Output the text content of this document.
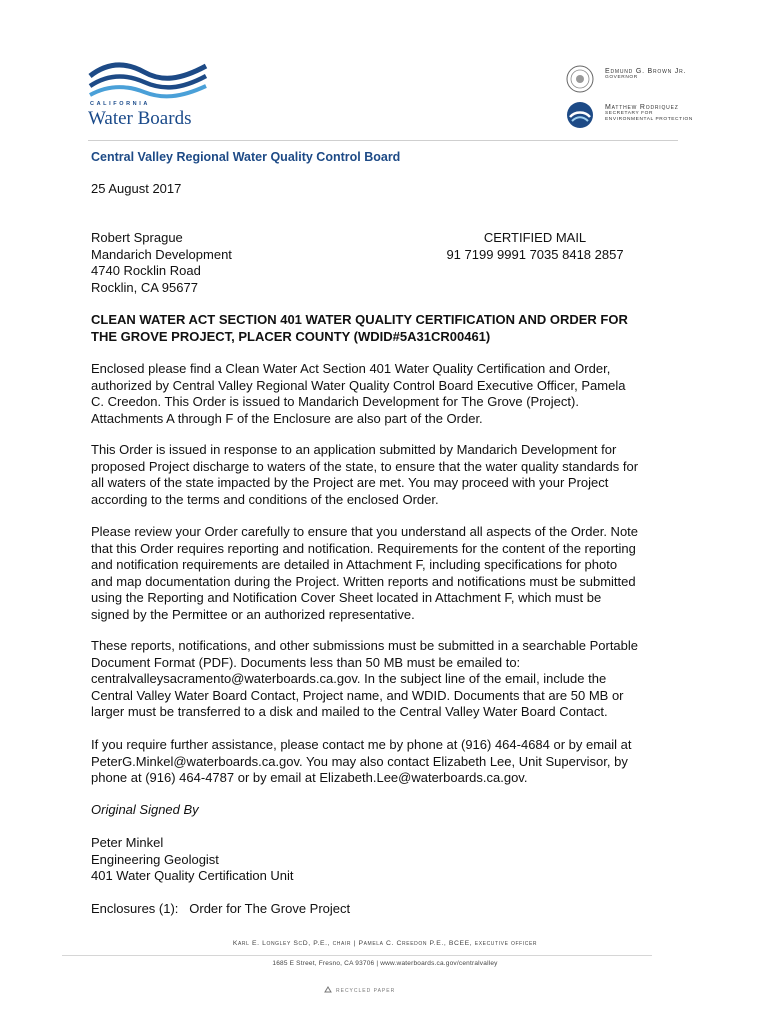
CALIFORNIA
Water Boards
Edmund G. Brown Jr.
GOVERNOR
Matthew Rodriquez
SECRETARY FOR
ENVIRONMENTAL PROTECTION
Central Valley Regional Water Quality Control Board
25 August 2017
Robert Sprague
Mandarich Development
4740 Rocklin Road
Rocklin, CA 95677
CERTIFIED MAIL
91 7199 9991 7035 8418 2857
CLEAN WATER ACT SECTION 401 WATER QUALITY CERTIFICATION AND ORDER FOR
THE GROVE PROJECT, PLACER COUNTY (WDID#5A31CR00461)
Enclosed please find a Clean Water Act Section 401 Water Quality Certification and Order,
authorized by Central Valley Regional Water Quality Control Board Executive Officer, Pamela
C. Creedon. This Order is issued to Mandarich Development for The Grove (Project).
Attachments A through F of the Enclosure are also part of the Order.
This Order is issued in response to an application submitted by Mandarich Development for
proposed Project discharge to waters of the state, to ensure that the water quality standards for
all waters of the state impacted by the Project are met. You may proceed with your Project
according to the terms and conditions of the enclosed Order.
Please review your Order carefully to ensure that you understand all aspects of the Order. Note
that this Order requires reporting and notification. Requirements for the content of the reporting
and notification requirements are detailed in Attachment F, including specifications for photo
and map documentation during the Project. Written reports and notifications must be submitted
using the Reporting and Notification Cover Sheet located in Attachment F, which must be
signed by the Permittee or an authorized representative.
These reports, notifications, and other submissions must be submitted in a searchable Portable
Document Format (PDF). Documents less than 50 MB must be emailed to:
centralvalleysacramento@waterboards.ca.gov. In the subject line of the email, include the
Central Valley Water Board Contact, Project name, and WDID. Documents that are 50 MB or
larger must be transferred to a disk and mailed to the Central Valley Water Board Contact.
If you require further assistance, please contact me by phone at (916) 464-4684 or by email at
PeterG.Minkel@waterboards.ca.gov. You may also contact Elizabeth Lee, Unit Supervisor, by
phone at (916) 464-4787 or by email at Elizabeth.Lee@waterboards.ca.gov.
Original Signed By
Peter Minkel
Engineering Geologist
401 Water Quality Certification Unit
Enclosures (1):   Order for The Grove Project
Karl E. Longley ScD, P.E., chair | Pamela C. Creedon P.E., BCEE, executive officer
1685 E Street, Fresno, CA 93706 | www.waterboards.ca.gov/centralvalley
RECYCLED PAPER
